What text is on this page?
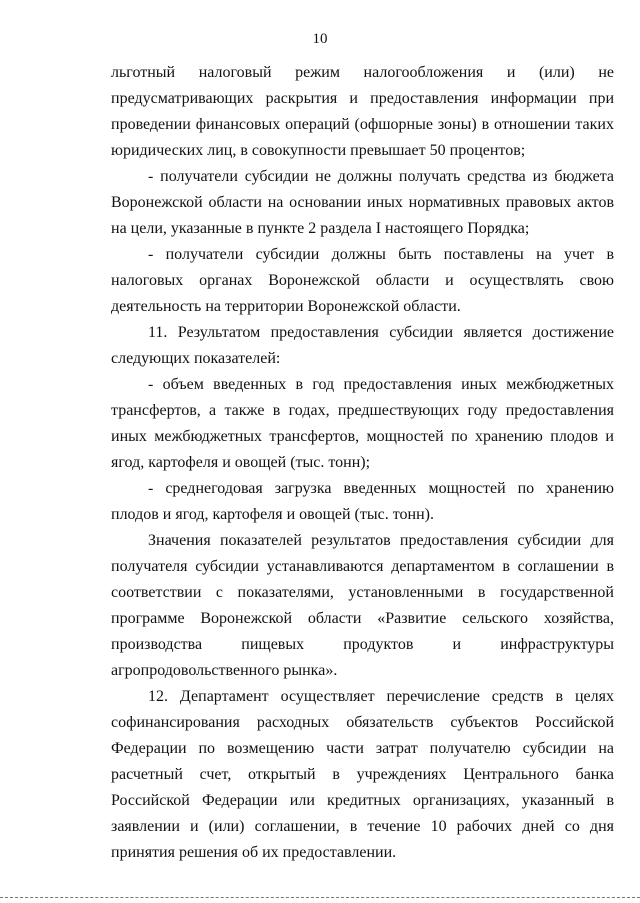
10

льготный налоговый режим налогообложения и (или) не предусматривающих раскрытия и предоставления информации при проведении финансовых операций (офшорные зоны) в отношении таких юридических лиц, в совокупности превышает 50 процентов;

- получатели субсидии не должны получать средства из бюджета Воронежской области на основании иных нормативных правовых актов на цели, указанные в пункте 2 раздела I настоящего Порядка;

- получатели субсидии должны быть поставлены на учет в налоговых органах Воронежской области и осуществлять свою деятельность на территории Воронежской области.

11. Результатом предоставления субсидии является достижение следующих показателей:

- объем введенных в год предоставления иных межбюджетных трансфертов, а также в годах, предшествующих году предоставления иных межбюджетных трансфертов, мощностей по хранению плодов и ягод, картофеля и овощей (тыс. тонн);

- среднегодовая загрузка введенных мощностей по хранению плодов и ягод, картофеля и овощей (тыс. тонн).

Значения показателей результатов предоставления субсидии для получателя субсидии устанавливаются департаментом в соглашении в соответствии с показателями, установленными в государственной программе Воронежской области «Развитие сельского хозяйства, производства пищевых продуктов и инфраструктуры агропродовольственного рынка».

12. Департамент осуществляет перечисление средств в целях софинансирования расходных обязательств субъектов Российской Федерации по возмещению части затрат получателю субсидии на расчетный счет, открытый в учреждениях Центрального банка Российской Федерации или кредитных организациях, указанный в заявлении и (или) соглашении, в течение 10 рабочих дней со дня принятия решения об их предоставлении.
